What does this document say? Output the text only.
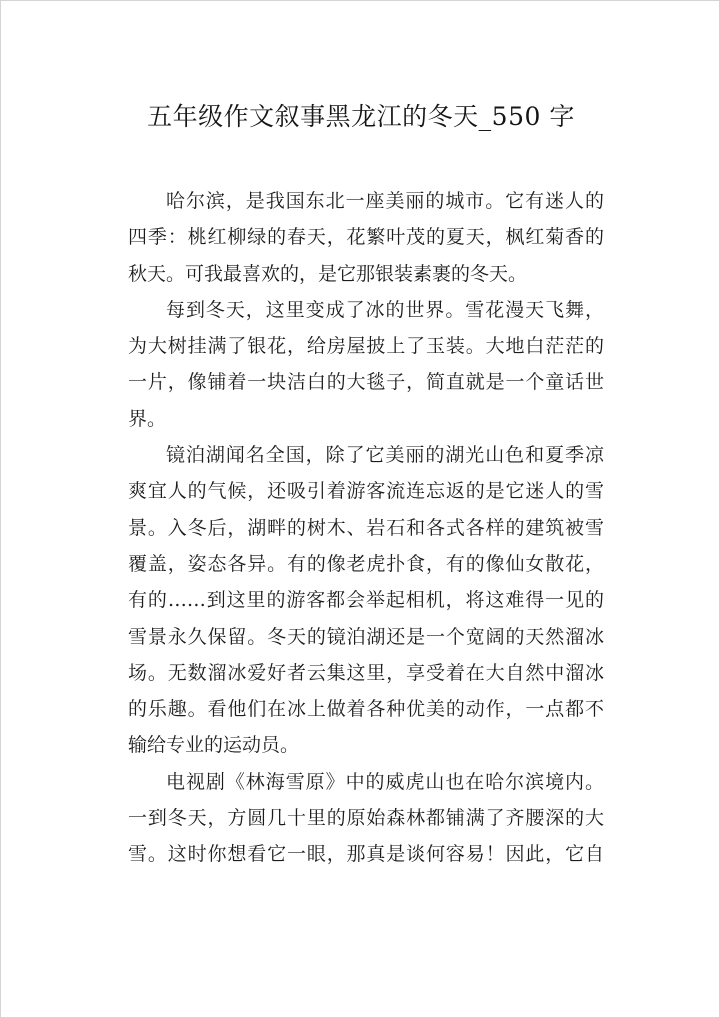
五年级作文叙事黑龙江的冬天_550 字
哈尔滨，是我国东北一座美丽的城市。它有迷人的
四季：桃红柳绿的春天，花繁叶茂的夏天，枫红菊香的
秋天。可我最喜欢的，是它那银装素裹的冬天。
每到冬天，这里变成了冰的世界。雪花漫天飞舞，
为大树挂满了银花，给房屋披上了玉装。大地白茫茫的
一片，像铺着一块洁白的大毯子，简直就是一个童话世
界。
镜泊湖闻名全国，除了它美丽的湖光山色和夏季凉
爽宜人的气候，还吸引着游客流连忘返的是它迷人的雪
景。入冬后，湖畔的树木、岩石和各式各样的建筑被雪
覆盖，姿态各异。有的像老虎扑食，有的像仙女散花，
有的……到这里的游客都会举起相机，将这难得一见的
雪景永久保留。冬天的镜泊湖还是一个宽阔的天然溜冰
场。无数溜冰爱好者云集这里，享受着在大自然中溜冰
的乐趣。看他们在冰上做着各种优美的动作，一点都不
输给专业的运动员。
电视剧《林海雪原》中的威虎山也在哈尔滨境内。
一到冬天，方圆几十里的原始森林都铺满了齐腰深的大
雪。这时你想看它一眼，那真是谈何容易！因此，它自
